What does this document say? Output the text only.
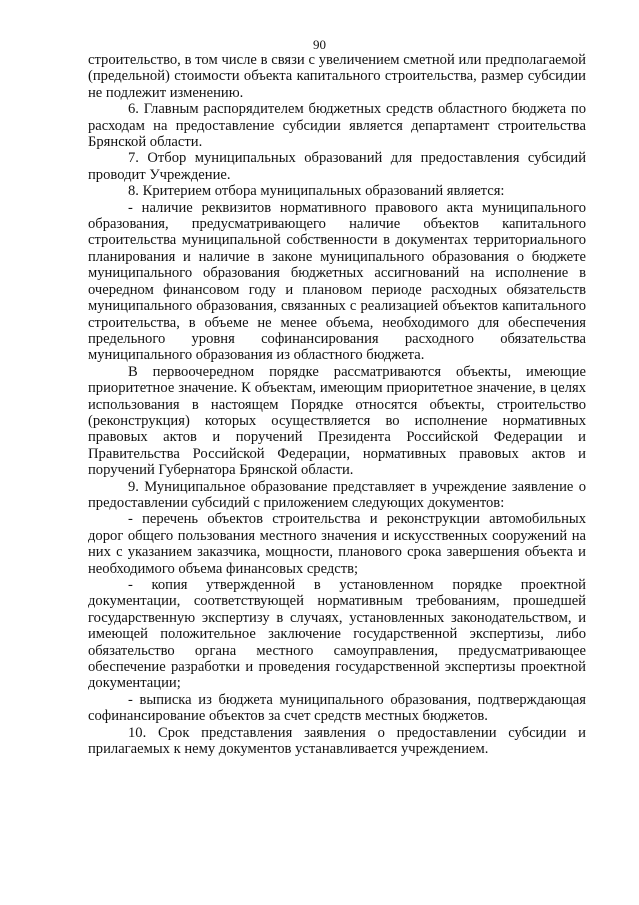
90

строительство, в том числе в связи с увеличением сметной или предполагаемой (предельной) стоимости объекта капитального строительства, размер субсидии не подлежит изменению.

6. Главным распорядителем бюджетных средств областного бюджета по расходам на предоставление субсидии является департамент строительства Брянской области.

7. Отбор муниципальных образований для предоставления субсидий проводит Учреждение.

8. Критерием отбора муниципальных образований является:

- наличие реквизитов нормативного правового акта муниципального образования, предусматривающего наличие объектов капитального строительства муниципальной собственности в документах территориального планирования и наличие в законе муниципального образования о бюджете муниципального образования бюджетных ассигнований на исполнение в очередном финансовом году и плановом периоде расходных обязательств муниципального образования, связанных с реализацией объектов капитального строительства, в объеме не менее объема, необходимого для обеспечения предельного уровня софинансирования расходного обязательства муниципального образования из областного бюджета.

В первоочередном порядке рассматриваются объекты, имеющие приоритетное значение. К объектам, имеющим приоритетное значение, в целях использования в настоящем Порядке относятся объекты, строительство (реконструкция) которых осуществляется во исполнение нормативных правовых актов и поручений Президента Российской Федерации и Правительства Российской Федерации, нормативных правовых актов и поручений Губернатора Брянской области.

9. Муниципальное образование представляет в учреждение заявление о предоставлении субсидий с приложением следующих документов:

- перечень объектов строительства и реконструкции автомобильных дорог общего пользования местного значения и искусственных сооружений на них с указанием заказчика, мощности, планового срока завершения объекта и необходимого объема финансовых средств;

- копия утвержденной в установленном порядке проектной документации, соответствующей нормативным требованиям, прошедшей государственную экспертизу в случаях, установленных законодательством, и имеющей положительное заключение государственной экспертизы, либо обязательство органа местного самоуправления, предусматривающее обеспечение разработки и проведения государственной экспертизы проектной документации;

- выписка из бюджета муниципального образования, подтверждающая софинансирование объектов за счет средств местных бюджетов.

10. Срок представления заявления о предоставлении субсидии и прилагаемых к нему документов устанавливается учреждением.
